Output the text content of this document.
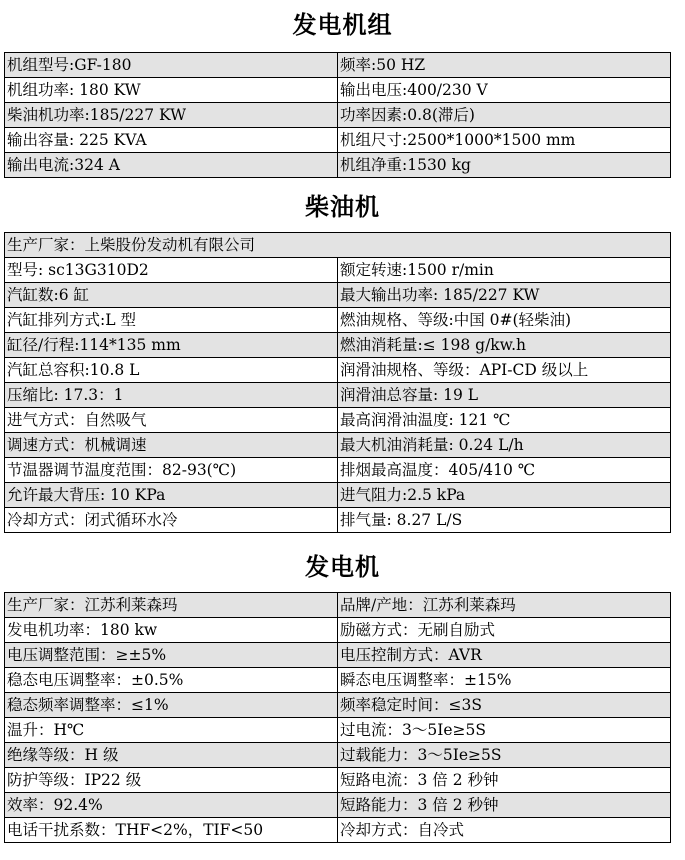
发电机组
机组型号:GF-180	频率:50 HZ
机组功率: 180 KW	输出电压:400/230 V
柴油机功率:185/227 KW	功率因素:0.8(滞后)
输出容量: 225 KVA	机组尺寸:2500*1000*1500 mm
输出电流:324 A	机组净重:1530 kg
柴油机
生产厂家：上柴股份发动机有限公司	
型号: sc13G310D2	额定转速:1500 r/min
汽缸数:6 缸	最大输出功率: 185/227 KW
汽缸排列方式:L 型	燃油规格、等级:中国 0#(轻柴油)
缸径/行程:114*135 mm	燃油消耗量:≤ 198 g/kw.h
汽缸总容积:10.8 L	润滑油规格、等级：API-CD 级以上
压缩比: 17.3：1	润滑油总容量: 19 L
进气方式：自然吸气	最高润滑油温度: 121 ℃
调速方式：机械调速	最大机油消耗量: 0.24 L/h
节温器调节温度范围：82-93(℃)	排烟最高温度：405/410 ℃
允许最大背压: 10 KPa	进气阻力:2.5 kPa
冷却方式：闭式循环水冷	排气量: 8.27 L/S
发电机
生产厂家：江苏利莱森玛	品牌/产地：江苏利莱森玛
发电机功率：180 kw	励磁方式：无刷自励式
电压调整范围：≥±5%	电压控制方式：AVR
稳态电压调整率：±0.5%	瞬态电压调整率：±15%
稳态频率调整率：≤1%	频率稳定时间：≤3S
温升：H℃	过电流：3～5Ie≥5S
绝缘等级：H 级	过载能力：3～5Ie≥5S
防护等级：IP22 级	短路电流：3 倍 2 秒钟
效率：92.4%	短路能力：3 倍 2 秒钟
电话干扰系数：THF<2%，TIF<50	冷却方式：自冷式
